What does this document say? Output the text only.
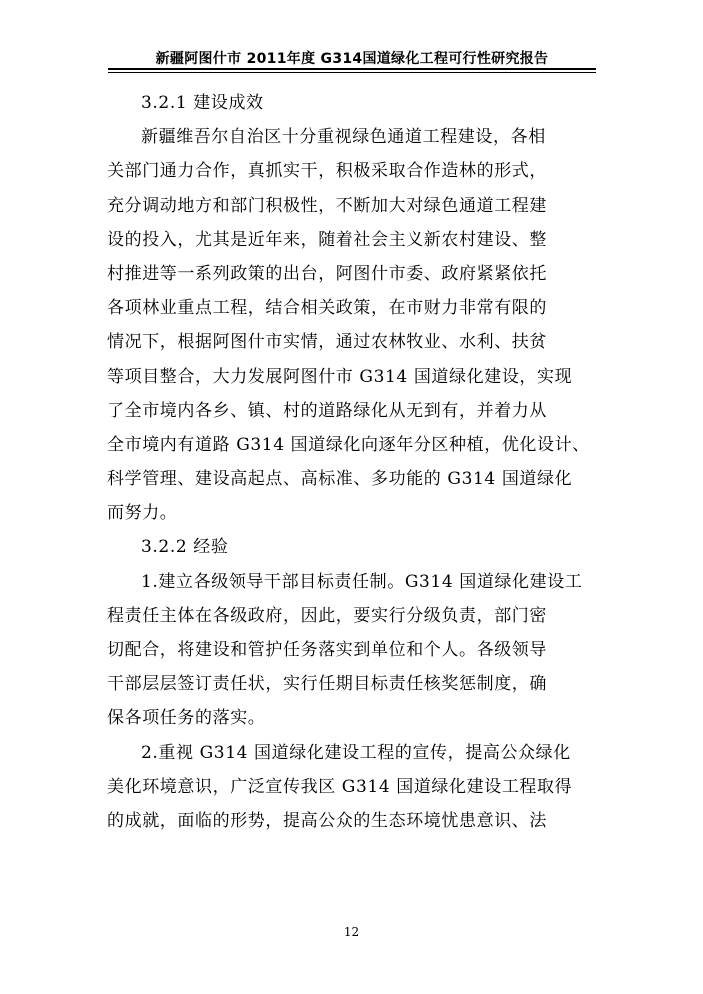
新疆阿图什市 2011年度 G314国道绿化工程可行性研究报告
3.2.1 建设成效
新疆维吾尔自治区十分重视绿色通道工程建设，各相
关部门通力合作，真抓实干，积极采取合作造林的形式，
充分调动地方和部门积极性，不断加大对绿色通道工程建
设的投入，尤其是近年来，随着社会主义新农村建设、整
村推进等一系列政策的出台，阿图什市委、政府紧紧依托
各项林业重点工程，结合相关政策，在市财力非常有限的
情况下，根据阿图什市实情，通过农林牧业、水利、扶贫
等项目整合，大力发展阿图什市 G314 国道绿化建设，实现
了全市境内各乡、镇、村的道路绿化从无到有，并着力从
全市境内有道路 G314 国道绿化向逐年分区种植，优化设计、
科学管理、建设高起点、高标准、多功能的 G314 国道绿化
而努力。
3.2.2 经验
1.建立各级领导干部目标责任制。G314 国道绿化建设工
程责任主体在各级政府，因此，要实行分级负责，部门密
切配合，将建设和管护任务落实到单位和个人。各级领导
干部层层签订责任状，实行任期目标责任核奖惩制度，确
保各项任务的落实。
2.重视 G314 国道绿化建设工程的宣传，提高公众绿化
美化环境意识，广泛宣传我区 G314 国道绿化建设工程取得
的成就，面临的形势，提高公众的生态环境忧患意识、法
12
